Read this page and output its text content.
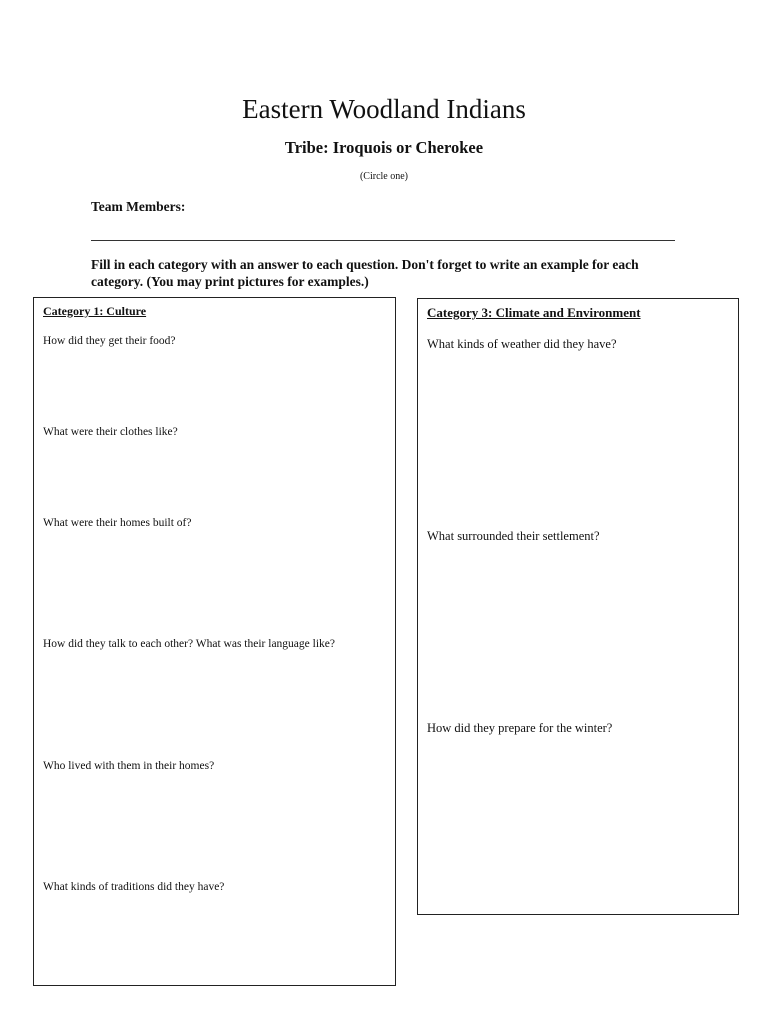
Eastern Woodland Indians
Tribe: Iroquois or Cherokee
(Circle one)
Team Members:
Fill in each category with an answer to each question. Don't forget to write an example for each category. (You may print pictures for examples.)
Category 1: Culture
How did they get their food?
What were their clothes like?
What were their homes built of?
How did they talk to each other? What was their language like?
Who lived with them in their homes?
What kinds of traditions did they have?
Category 3: Climate and Environment
What kinds of weather did they have?
What surrounded their settlement?
How did they prepare for the winter?
